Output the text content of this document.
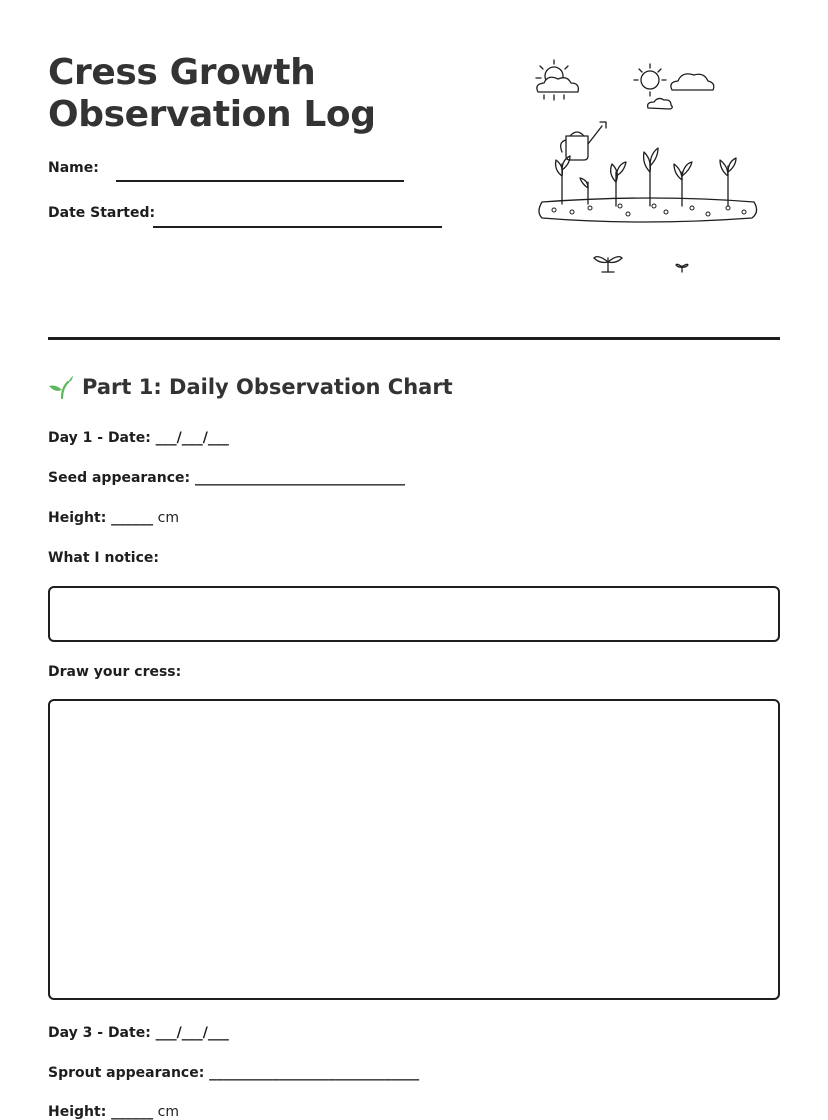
Cress Growth
Observation Log
Name:
Date Started:
Part 1: Daily Observation Chart
Day 1 - Date: ___/___/___
Seed appearance: ______________________________
Height: ______ cm
What I notice:
Draw your cress:
Day 3 - Date: ___/___/___
Sprout appearance: ______________________________
Height: ______ cm
